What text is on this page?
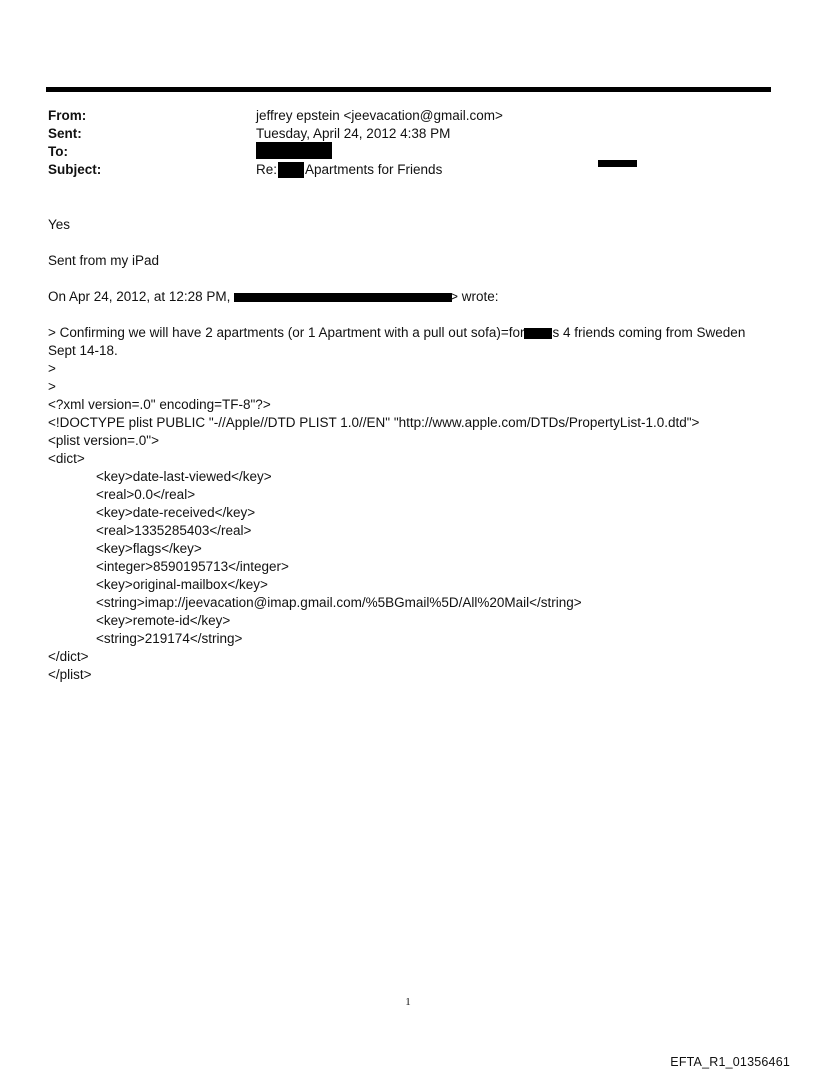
From:	jeffrey epstein <jeevacation@gmail.com>
Sent:	Tuesday, April 24, 2012 4:38 PM
To:
Subject:	Re: Apartments for Friends
Yes
Sent from my iPad
On Apr 24, 2012, at 12:28 PM,	> wrote:
> Confirming we will have 2 apartments (or 1 Apartment with a pull out sofa)=for s 4 friends coming from Sweden
Sept 14-18.
>
>
<?xml version=.0" encoding=TF-8"?>
<!DOCTYPE plist PUBLIC "-//Apple//DTD PLIST 1.0//EN" "http://www.apple.com/DTDs/PropertyList-1.0.dtd">
<plist version=.0">
<dict>
<key>date-last-viewed</key>
<real>0.0</real>
<key>date-received</key>
<real>1335285403</real>
<key>flags</key>
<integer>8590195713</integer>
<key>original-mailbox</key>
<string>imap://jeevacation@imap.gmail.com/%5BGmail%5D/All%20Mail</string>
<key>remote-id</key>
<string>219174</string>
</dict>
</plist>
1
EFTA_R1_01356461
